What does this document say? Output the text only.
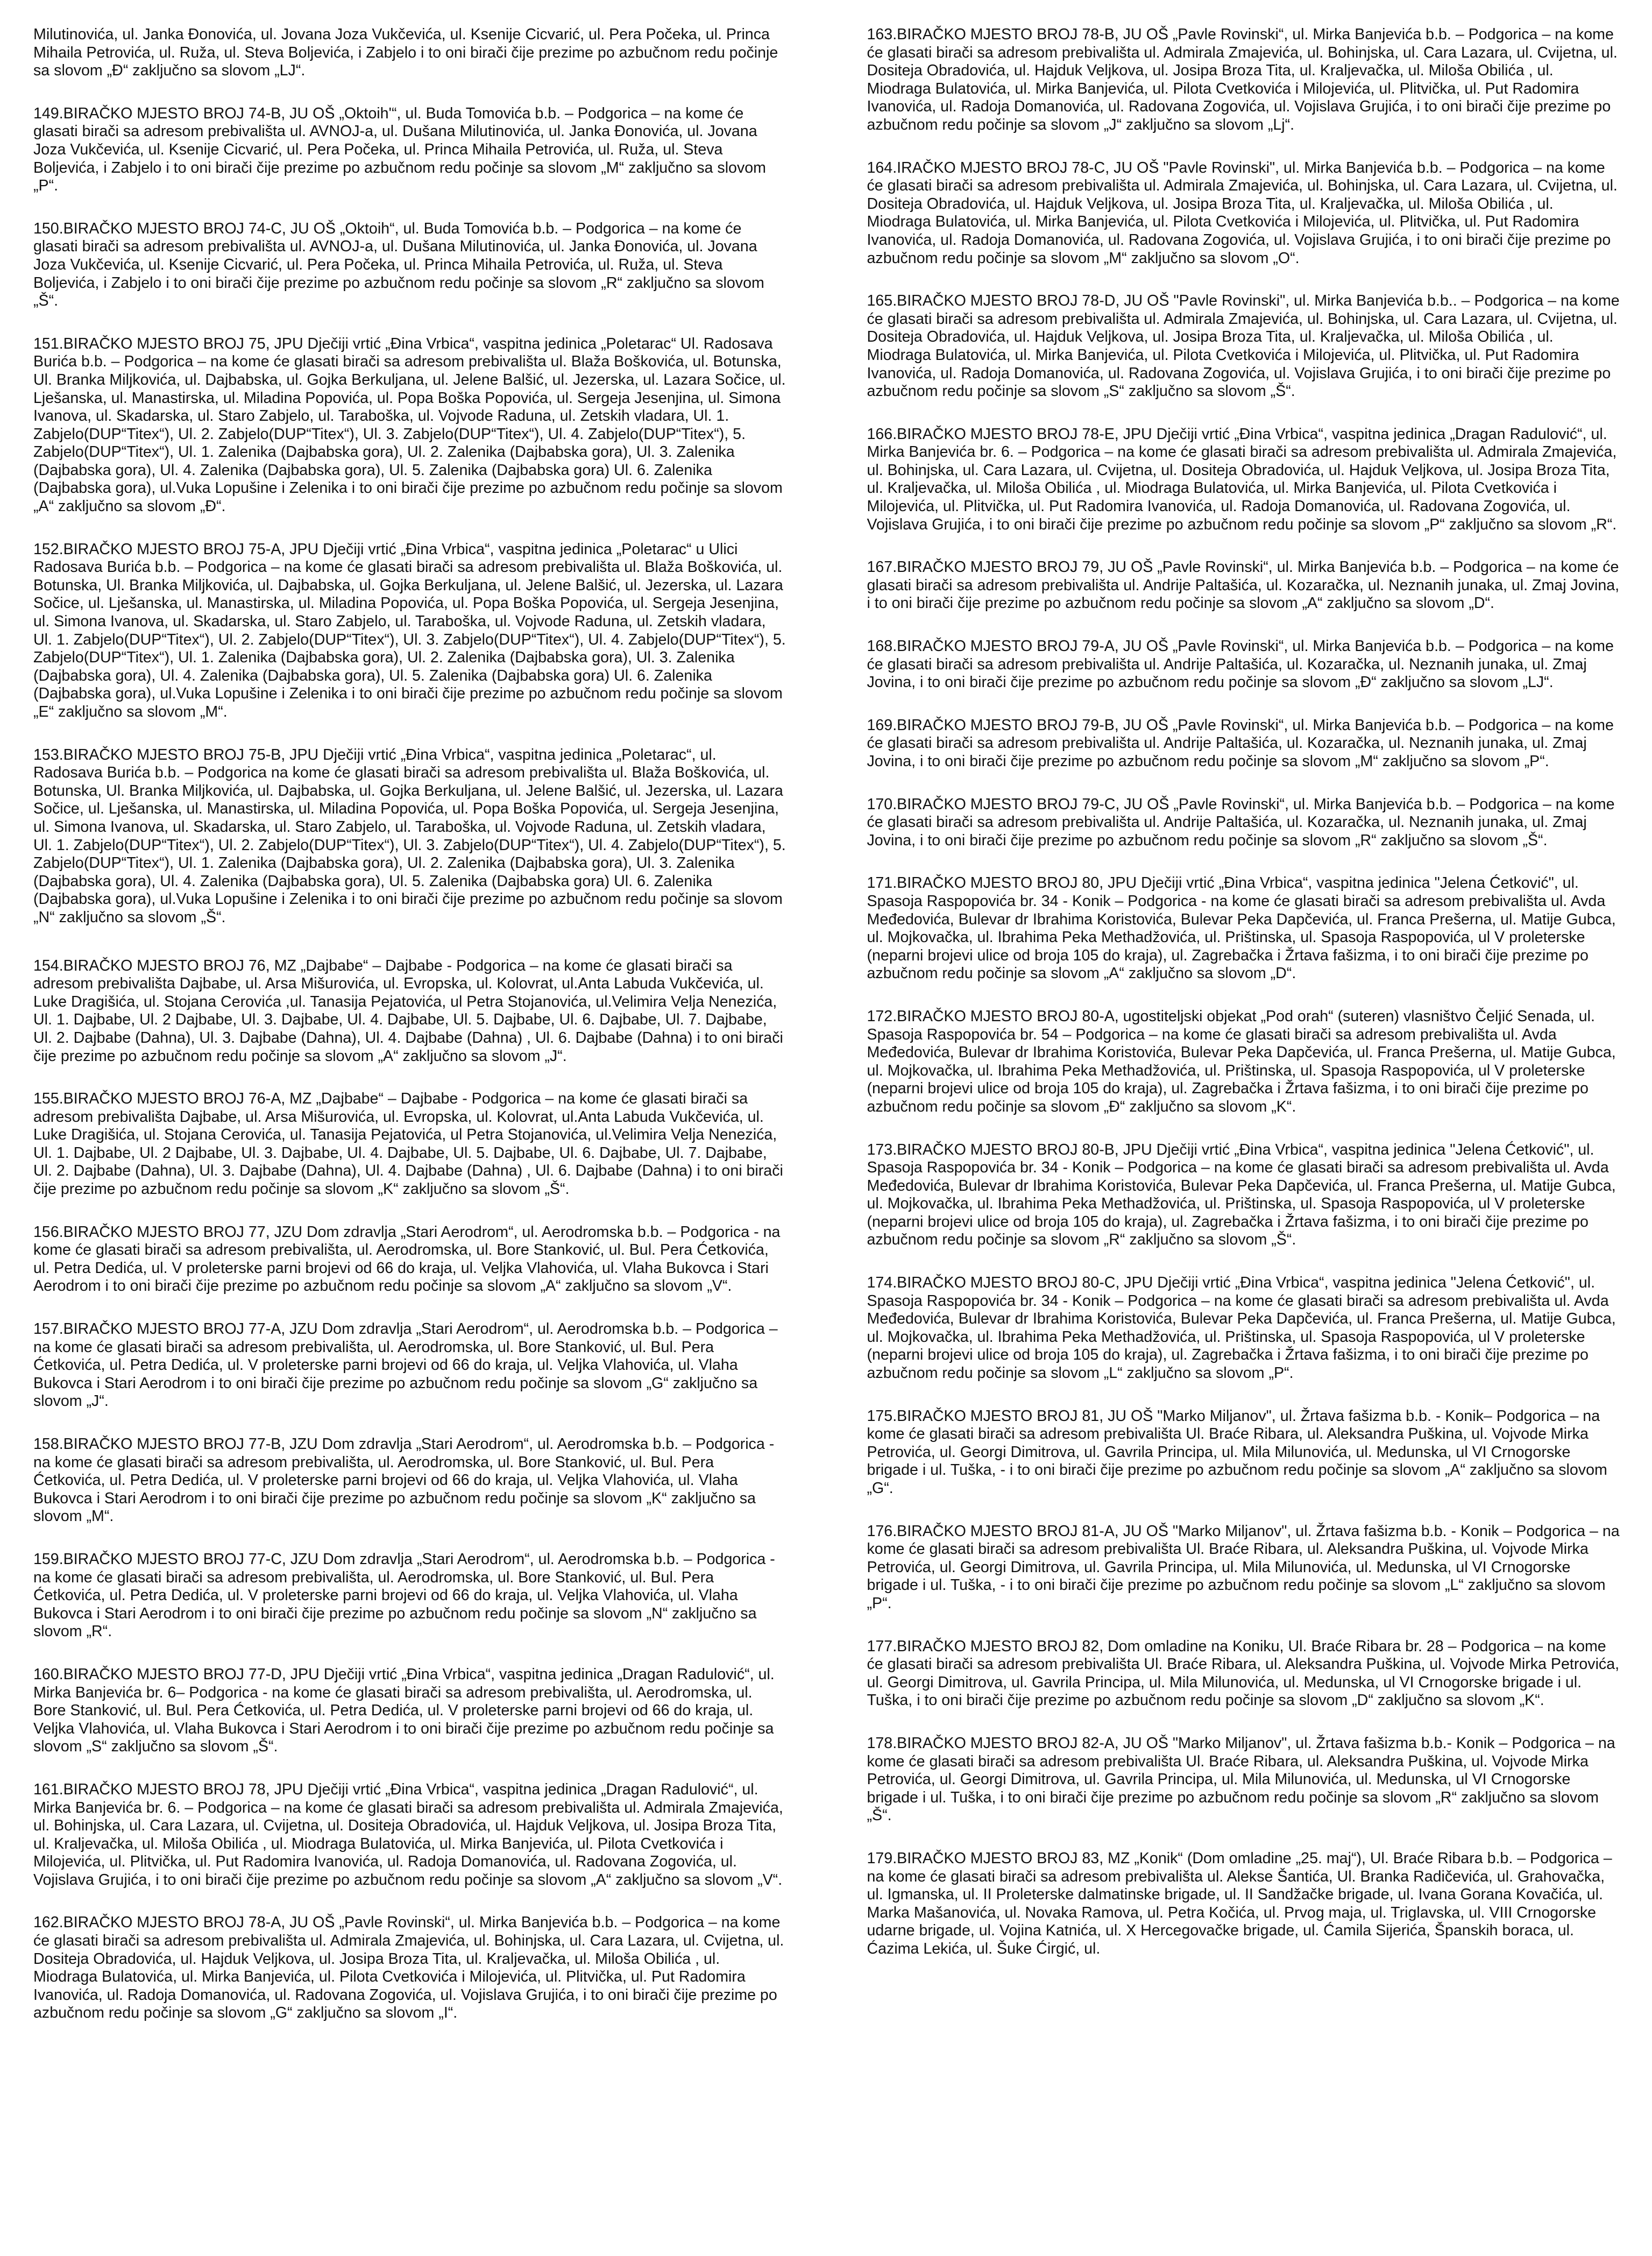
Milutinovića, ul. Janka Đonovića, ul. Jovana Joza Vukčevića, ul. Ksenije Cicvarić, ul. Pera Počeka, ul. Princa Mihaila Petrovića, ul. Ruža, ul. Steva Boljevića, i Zabjelo i to oni birači čije prezime po azbučnom redu počinje sa slovom „Đ“ zaključno sa slovom „LJ“.

149.BIRAČKO MJESTO BROJ 74-B, JU OŠ „Oktoih'“, ul. Buda Tomovića b.b. – Podgorica – na kome će glasati birači sa adresom prebivališta ul. AVNOJ-a, ul. Dušana Milutinovića, ul. Janka Đonovića, ul. Jovana Joza Vukčevića, ul. Ksenije Cicvarić, ul. Pera Počeka, ul. Princa Mihaila Petrovića, ul. Ruža, ul. Steva Boljevića, i Zabjelo i to oni birači čije prezime po azbučnom redu počinje sa slovom „M“ zaključno sa slovom „P“.

150.BIRAČKO MJESTO BROJ 74-C, JU OŠ „Oktoih“, ul. Buda Tomovića b.b. – Podgorica – na kome će glasati birači sa adresom prebivališta ul. AVNOJ-a, ul. Dušana Milutinovića, ul. Janka Đonovića, ul. Jovana Joza Vukčevića, ul. Ksenije Cicvarić, ul. Pera Počeka, ul. Princa Mihaila Petrovića, ul. Ruža, ul. Steva Boljevića, i Zabjelo i to oni birači čije prezime po azbučnom redu počinje sa slovom „R“ zaključno sa slovom „Š“.

151.BIRAČKO MJESTO BROJ 75, JPU Dječiji vrtić „Đina Vrbica“, vaspitna jedinica „Poletarac“ Ul. Radosava Burića b.b. – Podgorica – na kome će glasati birači sa adresom prebivališta ul. Blaža Boškovića, ul. Botunska, Ul. Branka Miljkovića, ul. Dajbabska, ul. Gojka Berkuljana, ul. Jelene Balšić, ul. Jezerska, ul. Lazara Sočice, ul. Lješanska, ul. Manastirska, ul. Miladina Popovića, ul. Popa Boška Popovića, ul. Sergeja Jesenjina, ul. Simona Ivanova, ul. Skadarska, ul. Staro Zabjelo, ul. Taraboška, ul. Vojvode Raduna, ul. Zetskih vladara, Ul. 1. Zabjelo(DUP“Titex“), Ul. 2. Zabjelo(DUP“Titex“), Ul. 3. Zabjelo(DUP“Titex“), Ul. 4. Zabjelo(DUP“Titex“), 5. Zabjelo(DUP“Titex“), Ul. 1. Zalenika (Dajbabska gora), Ul. 2. Zalenika (Dajbabska gora), Ul. 3. Zalenika (Dajbabska gora), Ul. 4. Zalenika (Dajbabska gora), Ul. 5. Zalenika (Dajbabska gora) Ul. 6. Zalenika (Dajbabska gora), ul.Vuka Lopušine i Zelenika i to oni birači čije prezime po azbučnom redu počinje sa slovom „A“ zaključno sa slovom „Đ“.

152.BIRAČKO MJESTO BROJ 75-A, JPU Dječiji vrtić „Đina Vrbica“, vaspitna jedinica „Poletarac“ u Ulici Radosava Burića b.b. – Podgorica – na kome će glasati birači sa adresom prebivališta ul. Blaža Boškovića, ul. Botunska, Ul. Branka Miljkovića, ul. Dajbabska, ul. Gojka Berkuljana, ul. Jelene Balšić, ul. Jezerska, ul. Lazara Sočice, ul. Lješanska, ul. Manastirska, ul. Miladina Popovića, ul. Popa Boška Popovića, ul. Sergeja Jesenjina, ul. Simona Ivanova, ul. Skadarska, ul. Staro Zabjelo, ul. Taraboška, ul. Vojvode Raduna, ul. Zetskih vladara, Ul. 1. Zabjelo(DUP“Titex“), Ul. 2. Zabjelo(DUP“Titex“), Ul. 3. Zabjelo(DUP“Titex“), Ul. 4. Zabjelo(DUP“Titex“), 5. Zabjelo(DUP“Titex“), Ul. 1. Zalenika (Dajbabska gora), Ul. 2. Zalenika (Dajbabska gora), Ul. 3. Zalenika (Dajbabska gora), Ul. 4. Zalenika (Dajbabska gora), Ul. 5. Zalenika (Dajbabska gora) Ul. 6. Zalenika (Dajbabska gora), ul.Vuka Lopušine i Zelenika i to oni birači čije prezime po azbučnom redu počinje sa slovom „E“ zaključno sa slovom „M“.

153.BIRAČKO MJESTO BROJ 75-B, JPU Dječiji vrtić „Đina Vrbica“, vaspitna jedinica „Poletarac“, ul. Radosava Burića b.b. – Podgorica na kome će glasati birači sa adresom prebivališta ul. Blaža Boškovića, ul. Botunska, Ul. Branka Miljkovića, ul. Dajbabska, ul. Gojka Berkuljana, ul. Jelene Balšić, ul. Jezerska, ul. Lazara Sočice, ul. Lješanska, ul. Manastirska, ul. Miladina Popovića, ul. Popa Boška Popovića, ul. Sergeja Jesenjina, ul. Simona Ivanova, ul. Skadarska, ul. Staro Zabjelo, ul. Taraboška, ul. Vojvode Raduna, ul. Zetskih vladara, Ul. 1. Zabjelo(DUP“Titex“), Ul. 2. Zabjelo(DUP“Titex“), Ul. 3. Zabjelo(DUP“Titex“), Ul. 4. Zabjelo(DUP“Titex“), 5. Zabjelo(DUP“Titex“), Ul. 1. Zalenika (Dajbabska gora), Ul. 2. Zalenika (Dajbabska gora), Ul. 3. Zalenika (Dajbabska gora), Ul. 4. Zalenika (Dajbabska gora), Ul. 5. Zalenika (Dajbabska gora) Ul. 6. Zalenika (Dajbabska gora), ul.Vuka Lopušine i Zelenika i to oni birači čije prezime po azbučnom redu počinje sa slovom „N“ zaključno sa slovom „Š“.

154.BIRAČKO MJESTO BROJ 76, MZ „Dajbabe“ – Dajbabe - Podgorica – na kome će glasati birači sa adresom prebivališta Dajbabe, ul. Arsa Mišurovića, ul. Evropska, ul. Kolovrat, ul.Anta Labuda Vukčevića, ul. Luke Dragišića, ul. Stojana Cerovića ,ul. Tanasija Pejatovića, ul Petra Stojanovića, ul.Velimira Velja Nenezića, Ul. 1. Dajbabe, Ul. 2 Dajbabe, Ul. 3. Dajbabe, Ul. 4. Dajbabe, Ul. 5. Dajbabe, Ul. 6. Dajbabe, Ul. 7. Dajbabe, Ul. 2. Dajbabe (Dahna), Ul. 3. Dajbabe (Dahna), Ul. 4. Dajbabe (Dahna) , Ul. 6. Dajbabe (Dahna) i to oni birači čije prezime po azbučnom redu počinje sa slovom „A“ zaključno sa slovom „J“.

155.BIRAČKO MJESTO BROJ 76-A, MZ „Dajbabe“ – Dajbabe - Podgorica – na kome će glasati birači sa adresom prebivališta Dajbabe, ul. Arsa Mišurovića, ul. Evropska, ul. Kolovrat, ul.Anta Labuda Vukčevića, ul. Luke Dragišića, ul. Stojana Cerovića, ul. Tanasija Pejatovića, ul Petra Stojanovića, ul.Velimira Velja Nenezića, Ul. 1. Dajbabe, Ul. 2 Dajbabe, Ul. 3. Dajbabe, Ul. 4. Dajbabe, Ul. 5. Dajbabe, Ul. 6. Dajbabe, Ul. 7. Dajbabe, Ul. 2. Dajbabe (Dahna), Ul. 3. Dajbabe (Dahna), Ul. 4. Dajbabe (Dahna) , Ul. 6. Dajbabe (Dahna) i to oni birači čije prezime po azbučnom redu počinje sa slovom „K“ zaključno sa slovom „Š“.

156.BIRAČKO MJESTO BROJ 77, JZU Dom zdravlja „Stari Aerodrom“, ul. Aerodromska b.b. – Podgorica - na kome će glasati birači sa adresom prebivališta, ul. Aerodromska, ul. Bore Stanković, ul. Bul. Pera Ćetkovića, ul. Petra Dedića, ul. V proleterske parni brojevi od 66 do kraja, ul. Veljka Vlahovića, ul. Vlaha Bukovca i Stari Aerodrom i to oni birači čije prezime po azbučnom redu počinje sa slovom „A“ zaključno sa slovom „V“.

157.BIRAČKO MJESTO BROJ 77-A, JZU Dom zdravlja „Stari Aerodrom“, ul. Aerodromska b.b. – Podgorica – na kome će glasati birači sa adresom prebivališta, ul. Aerodromska, ul. Bore Stanković, ul. Bul. Pera Ćetkovića, ul. Petra Dedića, ul. V proleterske parni brojevi od 66 do kraja, ul. Veljka Vlahovića, ul. Vlaha Bukovca i Stari Aerodrom i to oni birači čije prezime po azbučnom redu počinje sa slovom „G“ zaključno sa slovom „J“.

158.BIRAČKO MJESTO BROJ 77-B, JZU Dom zdravlja „Stari Aerodrom“, ul. Aerodromska b.b. – Podgorica - na kome će glasati birači sa adresom prebivališta, ul. Aerodromska, ul. Bore Stanković, ul. Bul. Pera Ćetkovića, ul. Petra Dedića, ul. V proleterske parni brojevi od 66 do kraja, ul. Veljka Vlahovića, ul. Vlaha Bukovca i Stari Aerodrom i to oni birači čije prezime po azbučnom redu počinje sa slovom „K“ zaključno sa slovom „M“.

159.BIRAČKO MJESTO BROJ 77-C, JZU Dom zdravlja „Stari Aerodrom“, ul. Aerodromska b.b. – Podgorica - na kome će glasati birači sa adresom prebivališta, ul. Aerodromska, ul. Bore Stanković, ul. Bul. Pera Ćetkovića, ul. Petra Dedića, ul. V proleterske parni brojevi od 66 do kraja, ul. Veljka Vlahovića, ul. Vlaha Bukovca i Stari Aerodrom i to oni birači čije prezime po azbučnom redu počinje sa slovom „N“ zaključno sa slovom „R“.

160.BIRAČKO MJESTO BROJ 77-D, JPU Dječiji vrtić „Đina Vrbica“, vaspitna jedinica „Dragan Radulović“, ul. Mirka Banjevića br. 6– Podgorica - na kome će glasati birači sa adresom prebivališta, ul. Aerodromska, ul. Bore Stanković, ul. Bul. Pera Ćetkovića, ul. Petra Dedića, ul. V proleterske parni brojevi od 66 do kraja, ul. Veljka Vlahovića, ul. Vlaha Bukovca i Stari Aerodrom i to oni birači čije prezime po azbučnom redu počinje sa slovom „S“ zaključno sa slovom „Š“.

161.BIRAČKO MJESTO BROJ 78, JPU Dječiji vrtić „Đina Vrbica“, vaspitna jedinica „Dragan Radulović“, ul. Mirka Banjevića br. 6. – Podgorica – na kome će glasati birači sa adresom prebivališta ul. Admirala Zmajevića, ul. Bohinjska, ul. Cara Lazara, ul. Cvijetna, ul. Dositeja Obradovića, ul. Hajduk Veljkova, ul. Josipa Broza Tita, ul. Kraljevačka, ul. Miloša Obilića , ul. Miodraga Bulatovića, ul. Mirka Banjevića, ul. Pilota Cvetkovića i Milojevića, ul. Plitvička, ul. Put Radomira Ivanovića, ul. Radoja Domanovića, ul. Radovana Zogovića, ul. Vojislava Grujića, i to oni birači čije prezime po azbučnom redu počinje sa slovom „A“ zaključno sa slovom „V“.

162.BIRAČKO MJESTO BROJ 78-A, JU OŠ „Pavle Rovinski“, ul. Mirka Banjevića b.b. – Podgorica – na kome će glasati birači sa adresom prebivališta ul. Admirala Zmajevića, ul. Bohinjska, ul. Cara Lazara, ul. Cvijetna, ul. Dositeja Obradovića, ul. Hajduk Veljkova, ul. Josipa Broza Tita, ul. Kraljevačka, ul. Miloša Obilića , ul. Miodraga Bulatovića, ul. Mirka Banjevića, ul. Pilota Cvetkovića i Milojevića, ul. Plitvička, ul. Put Radomira Ivanovića, ul. Radoja Domanovića, ul. Radovana Zogovića, ul. Vojislava Grujića, i to oni birači čije prezime po azbučnom redu počinje sa slovom „G“ zaključno sa slovom „I“.

163.BIRAČKO MJESTO BROJ 78-B, JU OŠ „Pavle Rovinski“, ul. Mirka Banjevića b.b. – Podgorica – na kome će glasati birači sa adresom prebivališta ul. Admirala Zmajevića, ul. Bohinjska, ul. Cara Lazara, ul. Cvijetna, ul. Dositeja Obradovića, ul. Hajduk Veljkova, ul. Josipa Broza Tita, ul. Kraljevačka, ul. Miloša Obilića , ul. Miodraga Bulatovića, ul. Mirka Banjevića, ul. Pilota Cvetkovića i Milojevića, ul. Plitvička, ul. Put Radomira Ivanovića, ul. Radoja Domanovića, ul. Radovana Zogovića, ul. Vojislava Grujića, i to oni birači čije prezime po azbučnom redu počinje sa slovom „J“ zaključno sa slovom „Lj“.

164.IRAČKO MJESTO BROJ 78-C, JU OŠ "Pavle Rovinski", ul. Mirka Banjevića b.b. – Podgorica – na kome će glasati birači sa adresom prebivališta ul. Admirala Zmajevića, ul. Bohinjska, ul. Cara Lazara, ul. Cvijetna, ul. Dositeja Obradovića, ul. Hajduk Veljkova, ul. Josipa Broza Tita, ul. Kraljevačka, ul. Miloša Obilića , ul. Miodraga Bulatovića, ul. Mirka Banjevića, ul. Pilota Cvetkovića i Milojevića, ul. Plitvička, ul. Put Radomira Ivanovića, ul. Radoja Domanovića, ul. Radovana Zogovića, ul. Vojislava Grujića, i to oni birači čije prezime po azbučnom redu počinje sa slovom „M“ zaključno sa slovom „O“.

165.BIRAČKO MJESTO BROJ 78-D, JU OŠ "Pavle Rovinski", ul. Mirka Banjevića b.b.. – Podgorica – na kome će glasati birači sa adresom prebivališta ul. Admirala Zmajevića, ul. Bohinjska, ul. Cara Lazara, ul. Cvijetna, ul. Dositeja Obradovića, ul. Hajduk Veljkova, ul. Josipa Broza Tita, ul. Kraljevačka, ul. Miloša Obilića , ul. Miodraga Bulatovića, ul. Mirka Banjevića, ul. Pilota Cvetkovića i Milojevića, ul. Plitvička, ul. Put Radomira Ivanovića, ul. Radoja Domanovića, ul. Radovana Zogovića, ul. Vojislava Grujića, i to oni birači čije prezime po azbučnom redu počinje sa slovom „S“ zaključno sa slovom „Š“.

166.BIRAČKO MJESTO BROJ 78-E, JPU Dječiji vrtić „Đina Vrbica“, vaspitna jedinica „Dragan Radulović“, ul. Mirka Banjevića br. 6. – Podgorica – na kome će glasati birači sa adresom prebivališta ul. Admirala Zmajevića, ul. Bohinjska, ul. Cara Lazara, ul. Cvijetna, ul. Dositeja Obradovića, ul. Hajduk Veljkova, ul. Josipa Broza Tita, ul. Kraljevačka, ul. Miloša Obilića , ul. Miodraga Bulatovića, ul. Mirka Banjevića, ul. Pilota Cvetkovića i Milojevića, ul. Plitvička, ul. Put Radomira Ivanovića, ul. Radoja Domanovića, ul. Radovana Zogovića, ul. Vojislava Grujića, i to oni birači čije prezime po azbučnom redu počinje sa slovom „P“ zaključno sa slovom „R“.

167.BIRAČKO MJESTO BROJ 79, JU OŠ „Pavle Rovinski“, ul. Mirka Banjevića b.b. – Podgorica – na kome će glasati birači sa adresom prebivališta ul. Andrije Paltašića, ul. Kozaračka, ul. Neznanih junaka, ul. Zmaj Jovina, i to oni birači čije prezime po azbučnom redu počinje sa slovom „A“ zaključno sa slovom „D“.

168.BIRAČKO MJESTO BROJ 79-A, JU OŠ „Pavle Rovinski“, ul. Mirka Banjevića b.b. – Podgorica – na kome će glasati birači sa adresom prebivališta ul. Andrije Paltašića, ul. Kozaračka, ul. Neznanih junaka, ul. Zmaj Jovina, i to oni birači čije prezime po azbučnom redu počinje sa slovom „Đ“ zaključno sa slovom „LJ“.

169.BIRAČKO MJESTO BROJ 79-B, JU OŠ „Pavle Rovinski“, ul. Mirka Banjevića b.b. – Podgorica – na kome će glasati birači sa adresom prebivališta ul. Andrije Paltašića, ul. Kozaračka, ul. Neznanih junaka, ul. Zmaj Jovina, i to oni birači čije prezime po azbučnom redu počinje sa slovom „M“ zaključno sa slovom „P“.

170.BIRAČKO MJESTO BROJ 79-C, JU OŠ „Pavle Rovinski“, ul. Mirka Banjevića b.b. – Podgorica – na kome će glasati birači sa adresom prebivališta ul. Andrije Paltašića, ul. Kozaračka, ul. Neznanih junaka, ul. Zmaj Jovina, i to oni birači čije prezime po azbučnom redu počinje sa slovom „R“ zaključno sa slovom „Š“.

171.BIRAČKO MJESTO BROJ 80, JPU Dječiji vrtić „Đina Vrbica“, vaspitna jedinica "Jelena Ćetković", ul. Spasoja Raspopovića br. 34 - Konik – Podgorica - na kome će glasati birači sa adresom prebivališta ul. Avda Međedovića, Bulevar dr Ibrahima Koristovića, Bulevar Peka Dapčevića, ul. Franca Prešerna, ul. Matije Gubca, ul. Mojkovačka, ul. Ibrahima Peka Methadžovića, ul. Prištinska, ul. Spasoja Raspopovića, ul V proleterske (neparni brojevi ulice od broja 105 do kraja), ul. Zagrebačka i Žrtava fašizma, i to oni birači čije prezime po azbučnom redu počinje sa slovom „A“ zaključno sa slovom „D“.

172.BIRAČKO MJESTO BROJ 80-A, ugostiteljski objekat „Pod orah“ (suteren) vlasništvo Čeljić Senada, ul. Spasoja Raspopovića br. 54 – Podgorica – na kome će glasati birači sa adresom prebivališta ul. Avda Međedovića, Bulevar dr Ibrahima Koristovića, Bulevar Peka Dapčevića, ul. Franca Prešerna, ul. Matije Gubca, ul. Mojkovačka, ul. Ibrahima Peka Methadžovića, ul. Prištinska, ul. Spasoja Raspopovića, ul V proleterske (neparni brojevi ulice od broja 105 do kraja), ul. Zagrebačka i Žrtava fašizma, i to oni birači čije prezime po azbučnom redu počinje sa slovom „Đ“ zaključno sa slovom „K“.

173.BIRAČKO MJESTO BROJ 80-B, JPU Dječiji vrtić „Đina Vrbica“, vaspitna jedinica "Jelena Ćetković", ul. Spasoja Raspopovića br. 34 - Konik – Podgorica – na kome će glasati birači sa adresom prebivališta ul. Avda Međedovića, Bulevar dr Ibrahima Koristovića, Bulevar Peka Dapčevića, ul. Franca Prešerna, ul. Matije Gubca, ul. Mojkovačka, ul. Ibrahima Peka Methadžovića, ul. Prištinska, ul. Spasoja Raspopovića, ul V proleterske (neparni brojevi ulice od broja 105 do kraja), ul. Zagrebačka i Žrtava fašizma, i to oni birači čije prezime po azbučnom redu počinje sa slovom „R“ zaključno sa slovom „Š“.

174.BIRAČKO MJESTO BROJ 80-C, JPU Dječiji vrtić „Đina Vrbica“, vaspitna jedinica "Jelena Ćetković", ul. Spasoja Raspopovića br. 34 - Konik – Podgorica – na kome će glasati birači sa adresom prebivališta ul. Avda Međedovića, Bulevar dr Ibrahima Koristovića, Bulevar Peka Dapčevića, ul. Franca Prešerna, ul. Matije Gubca, ul. Mojkovačka, ul. Ibrahima Peka Methadžovića, ul. Prištinska, ul. Spasoja Raspopovića, ul V proleterske (neparni brojevi ulice od broja 105 do kraja), ul. Zagrebačka i Žrtava fašizma, i to oni birači čije prezime po azbučnom redu počinje sa slovom „L“ zaključno sa slovom „P“.

175.BIRAČKO MJESTO BROJ 81, JU OŠ "Marko Miljanov", ul. Žrtava fašizma b.b. - Konik– Podgorica – na kome će glasati birači sa adresom prebivališta Ul. Braće Ribara, ul. Aleksandra Puškina, ul. Vojvode Mirka Petrovića, ul. Georgi Dimitrova, ul. Gavrila Principa, ul. Mila Milunovića, ul. Medunska, ul VI Crnogorske brigade i ul. Tuška, - i to oni birači čije prezime po azbučnom redu počinje sa slovom „A“ zaključno sa slovom „G“.

176.BIRAČKO MJESTO BROJ 81-A, JU OŠ "Marko Miljanov", ul. Žrtava fašizma b.b. - Konik – Podgorica – na kome će glasati birači sa adresom prebivališta Ul. Braće Ribara, ul. Aleksandra Puškina, ul. Vojvode Mirka Petrovića, ul. Georgi Dimitrova, ul. Gavrila Principa, ul. Mila Milunovića, ul. Medunska, ul VI Crnogorske brigade i ul. Tuška, - i to oni birači čije prezime po azbučnom redu počinje sa slovom „L“ zaključno sa slovom „P“.

177.BIRAČKO MJESTO BROJ 82, Dom omladine na Koniku, Ul. Braće Ribara br. 28 – Podgorica – na kome će glasati birači sa adresom prebivališta Ul. Braće Ribara, ul. Aleksandra Puškina, ul. Vojvode Mirka Petrovića, ul. Georgi Dimitrova, ul. Gavrila Principa, ul. Mila Milunovića, ul. Medunska, ul VI Crnogorske brigade i ul. Tuška, i to oni birači čije prezime po azbučnom redu počinje sa slovom „D“ zaključno sa slovom „K“.

178.BIRAČKO MJESTO BROJ 82-A, JU OŠ "Marko Miljanov", ul. Žrtava fašizma b.b.- Konik – Podgorica – na kome će glasati birači sa adresom prebivališta Ul. Braće Ribara, ul. Aleksandra Puškina, ul. Vojvode Mirka Petrovića, ul. Georgi Dimitrova, ul. Gavrila Principa, ul. Mila Milunovića, ul. Medunska, ul VI Crnogorske brigade i ul. Tuška, i to oni birači čije prezime po azbučnom redu počinje sa slovom „R“ zaključno sa slovom „Š“.

179.BIRAČKO MJESTO BROJ 83, MZ „Konik“ (Dom omladine „25. maj“), Ul. Braće Ribara b.b. – Podgorica – na kome će glasati birači sa adresom prebivališta ul. Alekse Šantića, Ul. Branka Radičevića, ul. Grahovačka, ul. Igmanska, ul. II Proleterske dalmatinske brigade, ul. II Sandžačke brigade, ul. Ivana Gorana Kovačića, ul. Marka Mašanovića, ul. Novaka Ramova, ul. Petra Kočića, ul. Prvog maja, ul. Triglavska, ul. VIII Crnogorske udarne brigade, ul. Vojina Katnića, ul. X Hercegovačke brigade, ul. Ćamila Sijerića, Španskih boraca, ul. Ćazima Lekića, ul. Šuke Ćirgić, ul.
